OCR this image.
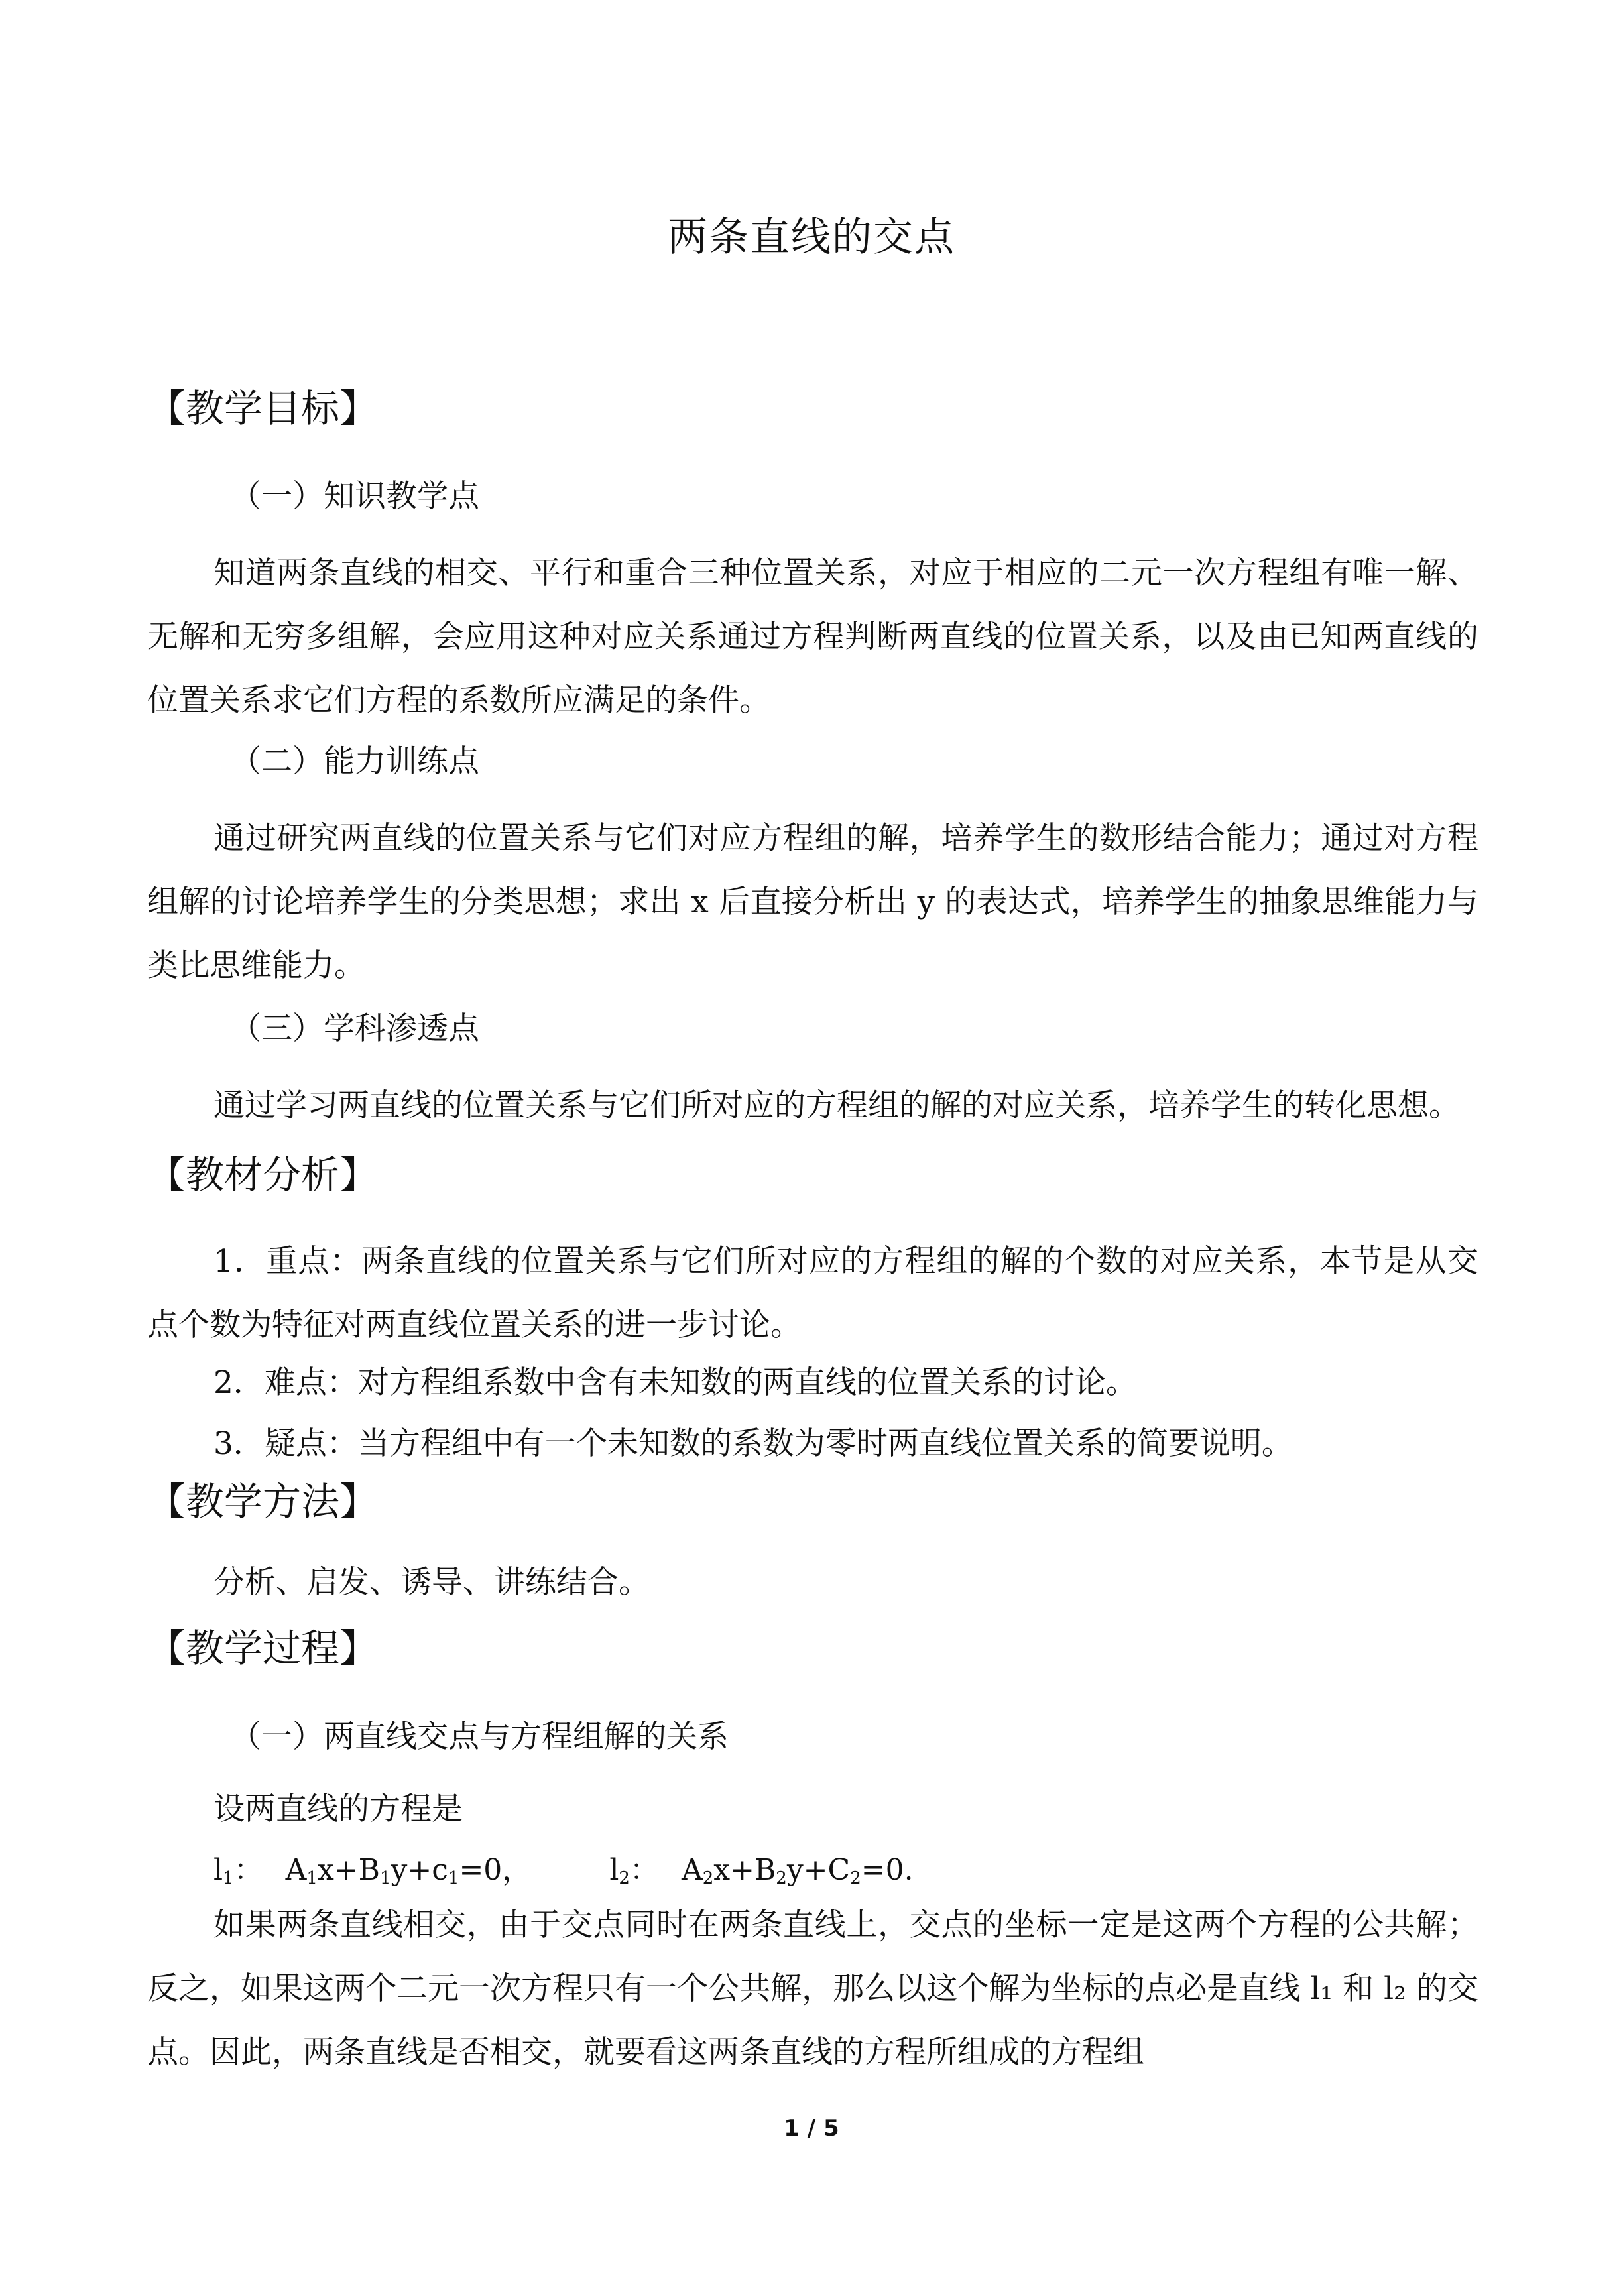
两条直线的交点
【教学目标】
（一）知识教学点
知道两条直线的相交、平行和重合三种位置关系，对应于相应的二元一次方程组有唯一解、无解和无穷多组解，会应用这种对应关系通过方程判断两直线的位置关系，以及由已知两直线的位置关系求它们方程的系数所应满足的条件。
（二）能力训练点
通过研究两直线的位置关系与它们对应方程组的解，培养学生的数形结合能力；通过对方程组解的讨论培养学生的分类思想；求出 x 后直接分析出 y 的表达式，培养学生的抽象思维能力与类比思维能力。
（三）学科渗透点
通过学习两直线的位置关系与它们所对应的方程组的解的对应关系，培养学生的转化思想。
【教材分析】
1．重点：两条直线的位置关系与它们所对应的方程组的解的个数的对应关系，本节是从交点个数为特征对两直线位置关系的进一步讨论。
2．难点：对方程组系数中含有未知数的两直线的位置关系的讨论。
3．疑点：当方程组中有一个未知数的系数为零时两直线位置关系的简要说明。
【教学方法】
分析、启发、诱导、讲练结合。
【教学过程】
（一）两直线交点与方程组解的关系
设两直线的方程是
$l_1$： $A_1x+B_1y+c_1=0$，	$l_2$： $A_2x+B_2y+C_2=0$.
如果两条直线相交，由于交点同时在两条直线上，交点的坐标一定是这两个方程的公共解；反之，如果这两个二元一次方程只有一个公共解，那么以这个解为坐标的点必是直线 l₁ 和 l₂ 的交点。因此，两条直线是否相交，就要看这两条直线的方程所组成的方程组
1 / 5
